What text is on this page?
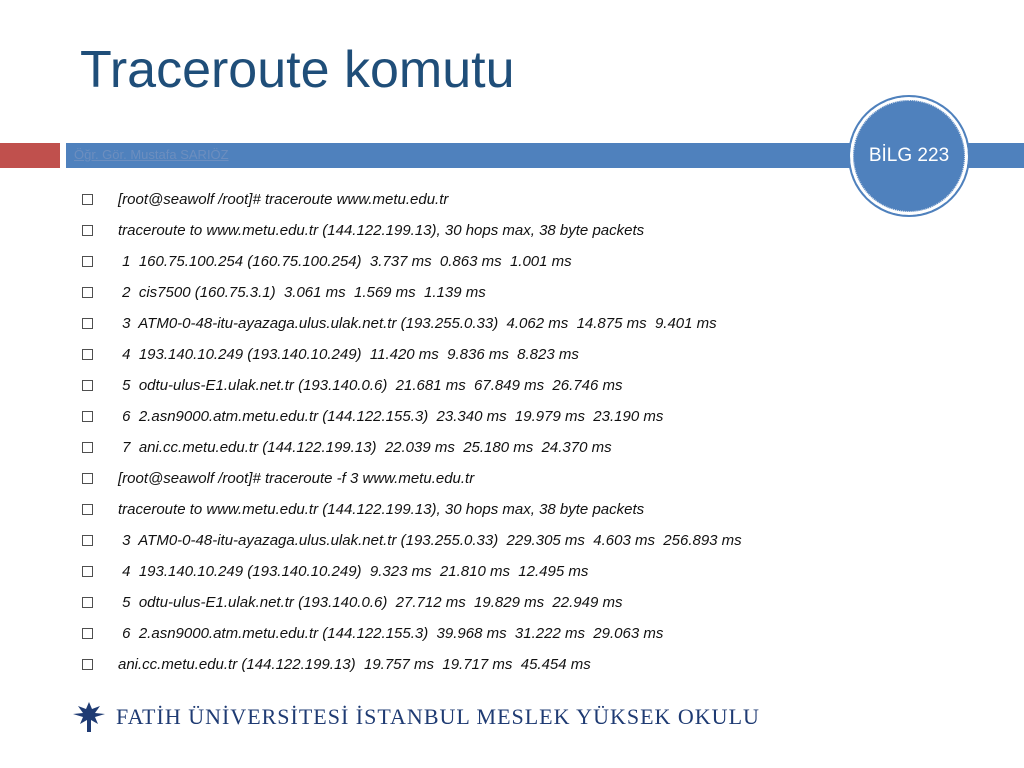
Traceroute komutu
Öğr. Gör. Mustafa SARIÖZ	BİLG 223
[root@seawolf /root]# traceroute www.metu.edu.tr
traceroute to www.metu.edu.tr (144.122.199.13), 30 hops max, 38 byte packets
1  160.75.100.254 (160.75.100.254)  3.737 ms  0.863 ms  1.001 ms
2  cis7500 (160.75.3.1)  3.061 ms  1.569 ms  1.139 ms
3  ATM0-0-48-itu-ayazaga.ulus.ulak.net.tr (193.255.0.33)  4.062 ms  14.875 ms  9.401 ms
4  193.140.10.249 (193.140.10.249)  11.420 ms  9.836 ms  8.823 ms
5  odtu-ulus-E1.ulak.net.tr (193.140.0.6)  21.681 ms  67.849 ms  26.746 ms
6  2.asn9000.atm.metu.edu.tr (144.122.155.3)  23.340 ms  19.979 ms  23.190 ms
7  ani.cc.metu.edu.tr (144.122.199.13)  22.039 ms  25.180 ms  24.370 ms
[root@seawolf /root]# traceroute -f 3 www.metu.edu.tr
traceroute to www.metu.edu.tr (144.122.199.13), 30 hops max, 38 byte packets
3  ATM0-0-48-itu-ayazaga.ulus.ulak.net.tr (193.255.0.33)  229.305 ms  4.603 ms  256.893 ms
4  193.140.10.249 (193.140.10.249)  9.323 ms  21.810 ms  12.495 ms
5  odtu-ulus-E1.ulak.net.tr (193.140.0.6)  27.712 ms  19.829 ms  22.949 ms
6  2.asn9000.atm.metu.edu.tr (144.122.155.3)  39.968 ms  31.222 ms  29.063 ms
ani.cc.metu.edu.tr (144.122.199.13)  19.757 ms  19.717 ms  45.454 ms
FATİH ÜNİVERSİTESİ İSTANBUL MESLEK YÜKSEK OKULU
